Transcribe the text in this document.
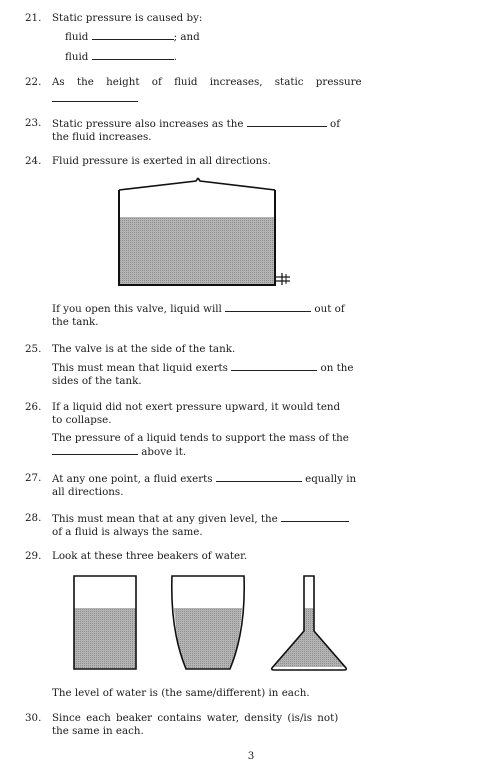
21.	Static pressure is caused by:
fluid	; and
fluid	.
22.	As the height of fluid increases, static pressure
23.	Static pressure also increases as the	of
the fluid increases.
24.	Fluid pressure is exerted in all directions.
If you open this valve, liquid will	out of
the tank.
25.	The valve is at the side of the tank.
This must mean that liquid exerts	on the
sides of the tank.
26.	If a liquid did not exert pressure upward, it would tend
to collapse.
The pressure of a liquid tends to support the mass of the
above it.
27.	At any one point, a fluid exerts	equally in
all directions.
28.	This must mean that at any given level, the
of a fluid is always the same.
29.	Look at these three beakers of water.
The level of water is (the same/different) in each.
30.	Since each beaker contains water, density (is/is not)
the same in each.
3
